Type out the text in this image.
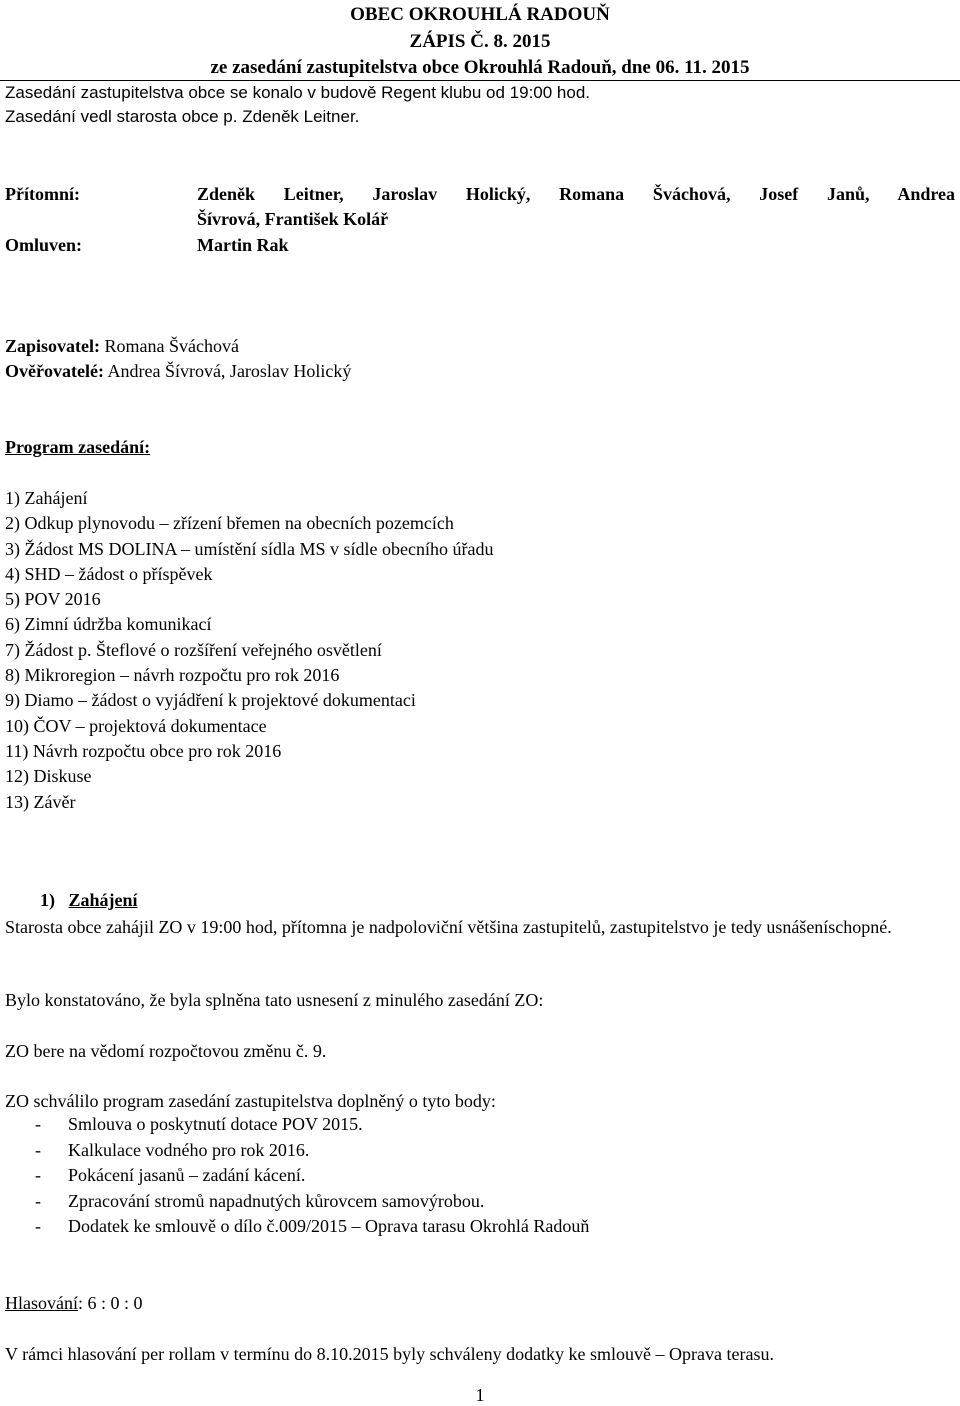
OBEC OKROUHLÁ RADOUŇ
ZÁPIS Č. 8. 2015
ze zasedání zastupitelstva obce Okrouhlá Radouň, dne 06. 11. 2015
Zasedání zastupitelstva obce se konalo v budově Regent klubu od 19:00 hod.
Zasedání vedl starosta obce p. Zdeněk Leitner.
Přítomní:	Zdeněk Leitner, Jaroslav Holický, Romana Šváchová, Josef Janů, Andrea
Šívrová, František Kolář
Omluven:	Martin Rak
Zapisovatel: Romana Šváchová
Ověřovatelé: Andrea Šívrová, Jaroslav Holický
Program zasedání:
1) Zahájení
2) Odkup plynovodu – zřízení břemen na obecních pozemcích
3) Žádost MS DOLINA – umístění sídla MS v sídle obecního úřadu
4) SHD – žádost o příspěvek
5) POV 2016
6) Zimní údržba komunikací
7) Žádost p. Šteflové o rozšíření veřejného osvětlení
8) Mikroregion – návrh rozpočtu pro rok 2016
9) Diamo – žádost o vyjádření k projektové dokumentaci
10) ČOV – projektová dokumentace
11) Návrh rozpočtu obce pro rok 2016
12) Diskuse
13) Závěr
1) Zahájení
Starosta obce zahájil ZO v 19:00 hod, přítomna je nadpoloviční většina zastupitelů, zastupitelstvo je tedy usnášeníschopné.
Bylo konstatováno, že byla splněna tato usnesení z minulého zasedání ZO:
ZO bere na vědomí rozpočtovou změnu č. 9.
ZO schválilo program zasedání zastupitelstva doplněný o tyto body:
- Smlouva o poskytnutí dotace POV 2015.
- Kalkulace vodného pro rok 2016.
- Pokácení jasanů – zadání kácení.
- Zpracování stromů napadnutých kůrovcem samovýrobou.
- Dodatek ke smlouvě o dílo č.009/2015 – Oprava tarasu Okrohlá Radouň
Hlasování: 6 : 0 : 0
V rámci hlasování per rollam v termínu do 8.10.2015 byly schváleny dodatky ke smlouvě – Oprava terasu.
1
